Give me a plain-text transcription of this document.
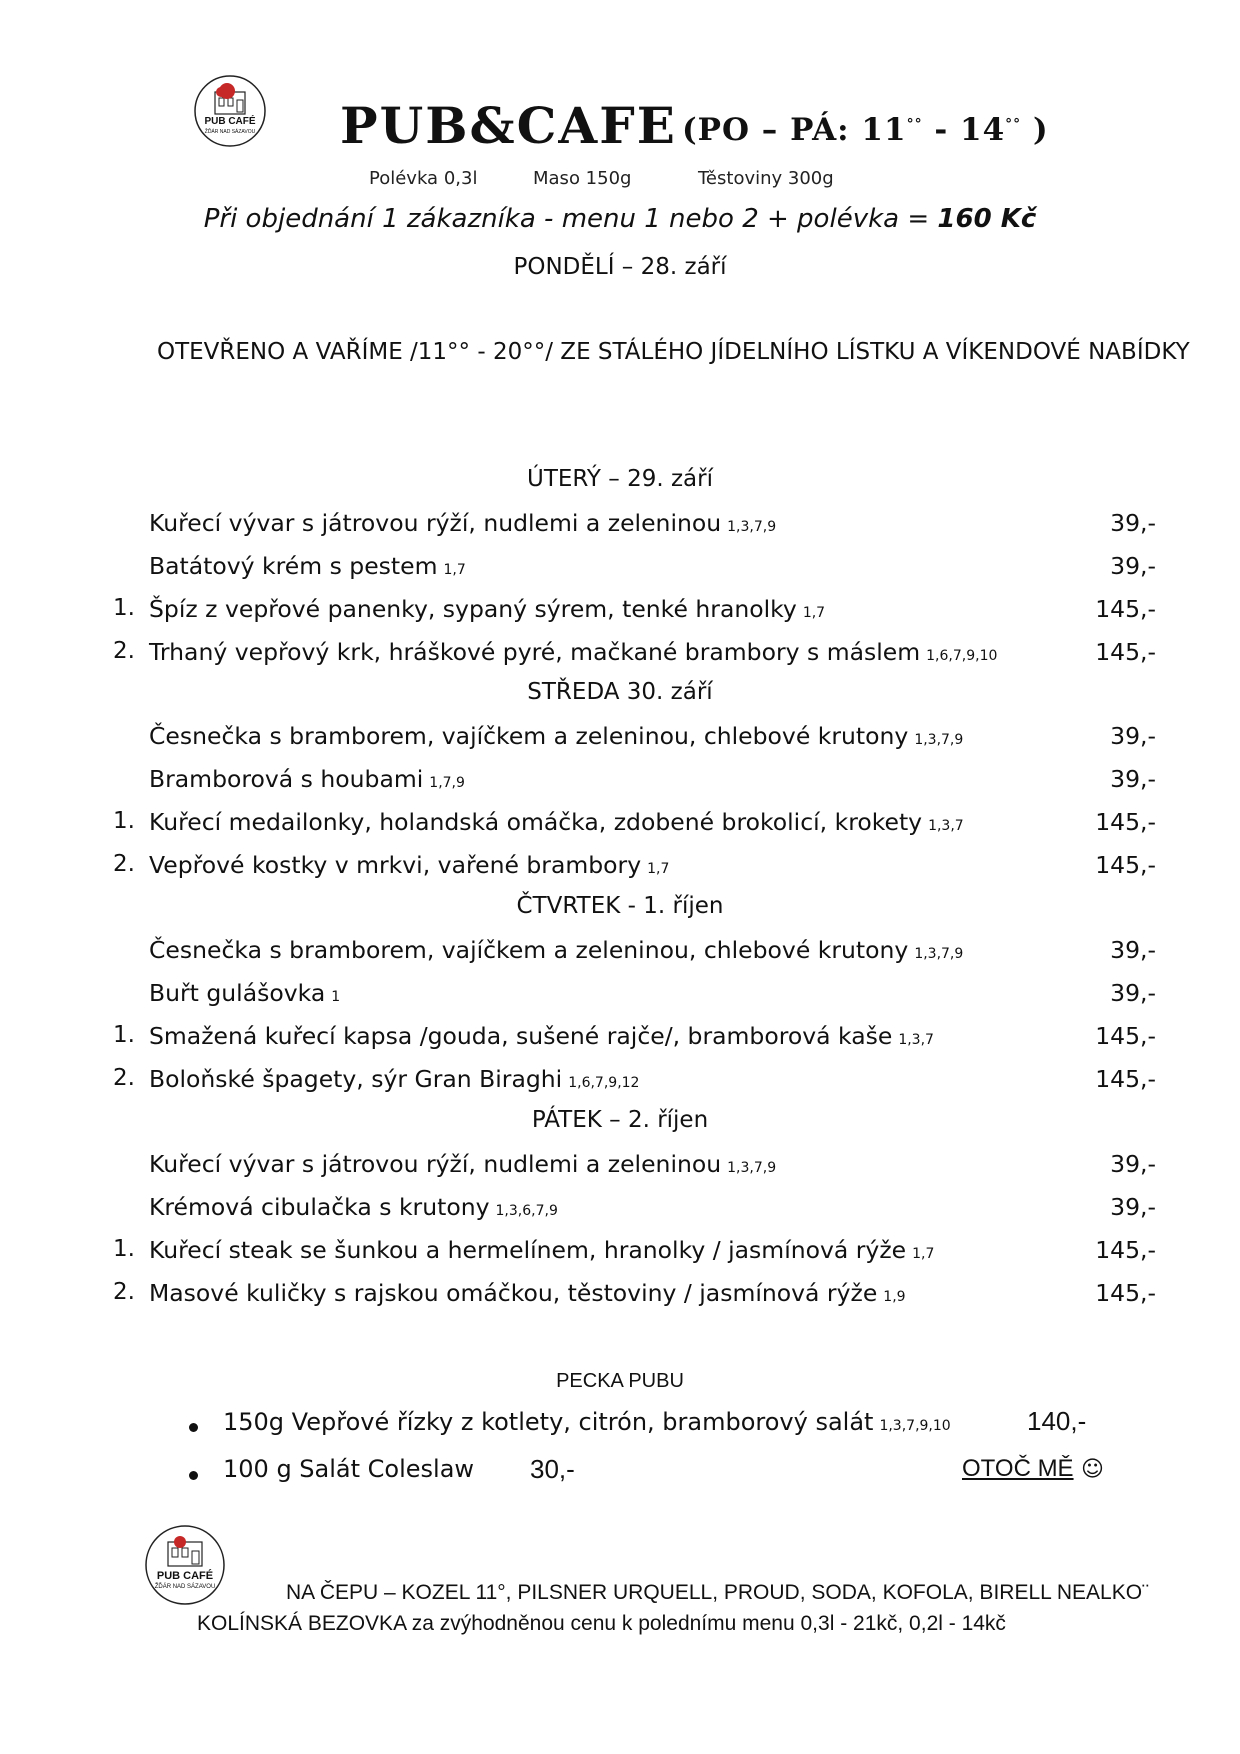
PUB CAFÉ
ŽĎÁR NAD SÁZAVOU PUB&CAFE (PO – PÁ: 11°° - 14°° )
Polévka 0,3l	Maso 150g	Těstoviny 300g
Při objednání 1 zákazníka - menu 1 nebo 2 + polévka = 160 Kč
PONDĚLÍ – 28. září
OTEVŘENO A VAŘÍME /11°° - 20°°/ ZE STÁLÉHO JÍDELNÍHO LÍSTKU A VÍKENDOVÉ NABÍDKY
ÚTERÝ – 29. září
Kuřecí vývar s játrovou rýží, nudlemi a zeleninou 1,3,7,9	39,-
Batátový krém s pestem 1,7	39,-
1. Špíz z vepřové panenky, sypaný sýrem, tenké hranolky 1,7	145,-
2. Trhaný vepřový krk, hráškové pyré, mačkané brambory s máslem 1,6,7,9,10	145,-
STŘEDA 30. září
Česnečka s bramborem, vajíčkem a zeleninou, chlebové krutony 1,3,7,9	39,-
Bramborová s houbami 1,7,9	39,-
1. Kuřecí medailonky, holandská omáčka, zdobené brokolicí, krokety 1,3,7	145,-
2. Vepřové kostky v mrkvi, vařené brambory 1,7	145,-
ČTVRTEK - 1. říjen
Česnečka s bramborem, vajíčkem a zeleninou, chlebové krutony 1,3,7,9	39,-
Buřt gulášovka 1	39,-
1. Smažená kuřecí kapsa /gouda, sušené rajče/, bramborová kaše 1,3,7	145,-
2. Boloňské špagety, sýr Gran Biraghi 1,6,7,9,12	145,-
PÁTEK – 2. říjen
Kuřecí vývar s játrovou rýží, nudlemi a zeleninou 1,3,7,9	39,-
Krémová cibulačka s krutony 1,3,6,7,9	39,-
1. Kuřecí steak se šunkou a hermelínem, hranolky / jasmínová rýže 1,7	145,-
2. Masové kuličky s rajskou omáčkou, těstoviny / jasmínová rýže 1,9	145,-
PECKA PUBU
150g Vepřové řízky z kotlety, citrón, bramborový salát 1,3,7,9,10	140,-
100 g Salát Coleslaw 30,-	OTOČ MĚ ☺
PUB CAFÉ
ŽĎÁR NAD SÁZAVOU	NA ČEPU – KOZEL 11°, PILSNER URQUELL, PROUD, SODA, KOFOLA, BIRELL NEALKO¨
KOLÍNSKÁ BEZOVKA za zvýhodněnou cenu k polednímu menu 0,3l - 21kč, 0,2l - 14kč
